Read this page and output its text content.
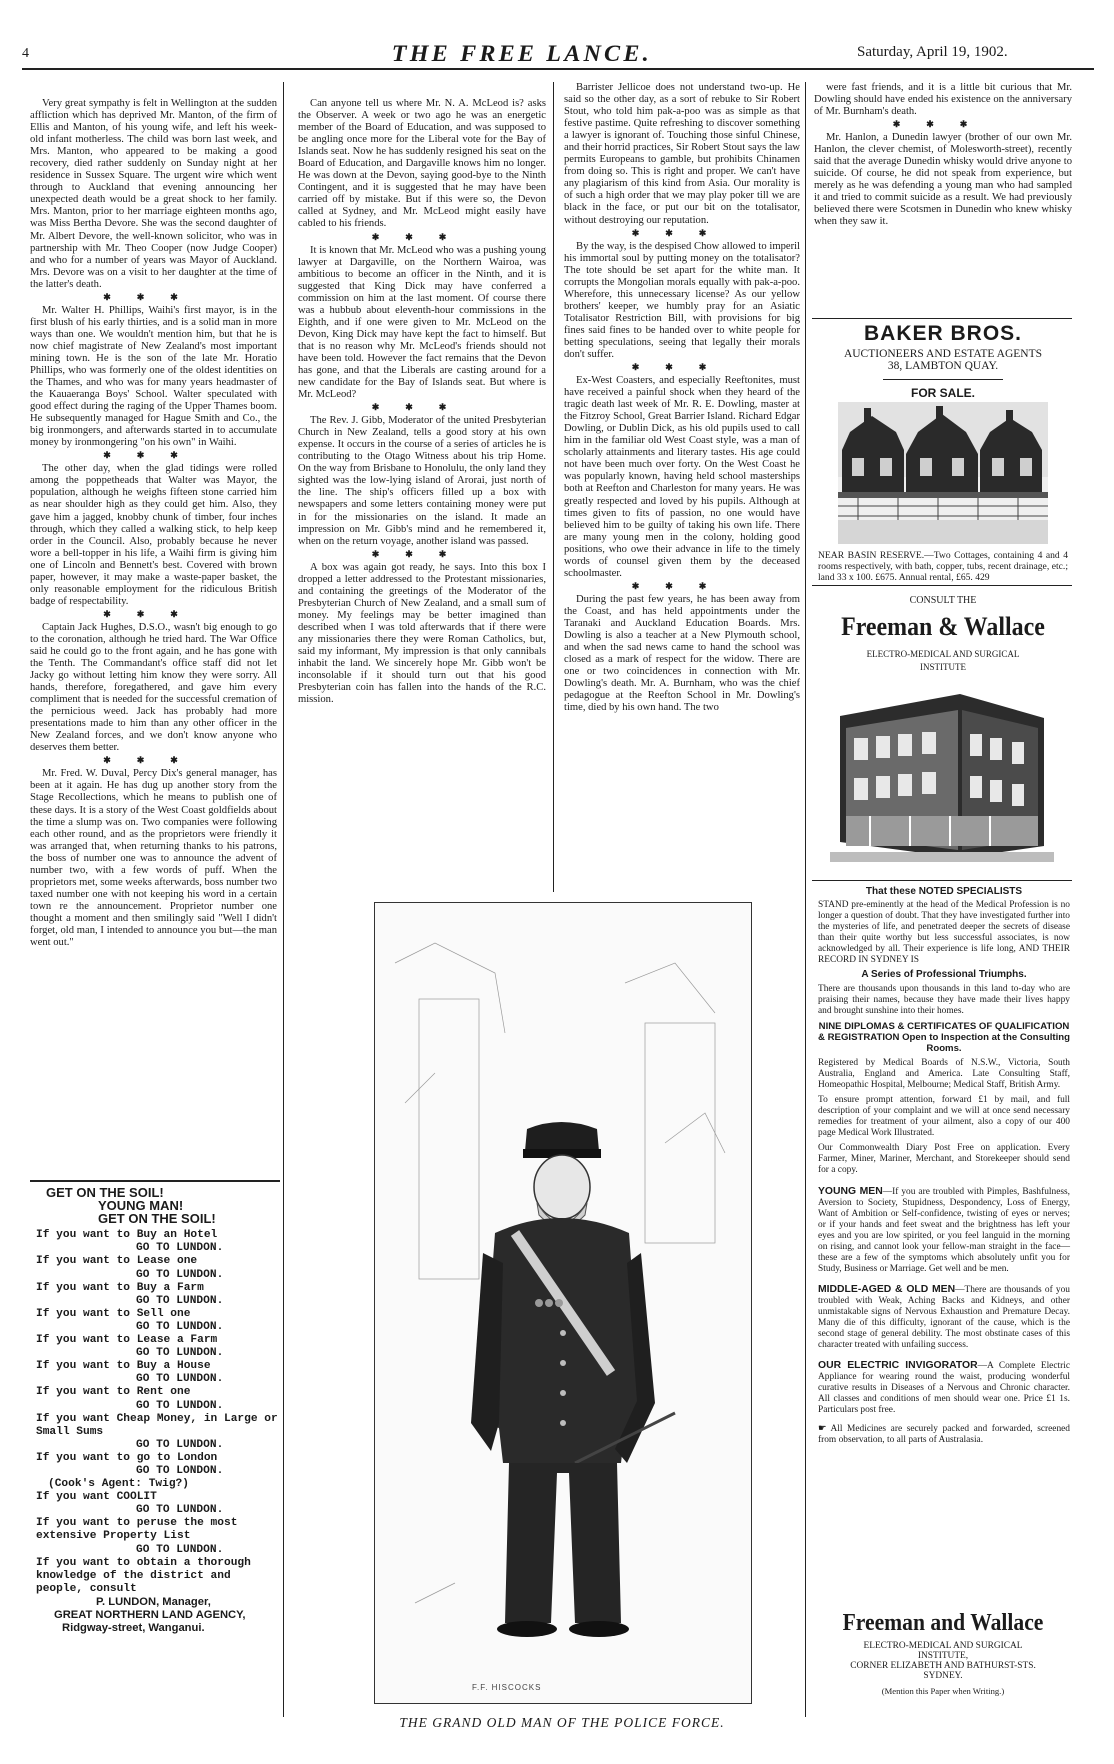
4	THE FREE LANCE.	Saturday, April 19, 1902.

Very great sympathy is felt in Wellington at the sudden affliction which has deprived Mr. Manton, of the firm of Ellis and Manton, of his young wife, and left his week-old infant motherless. The child was born last week, and Mrs. Manton, who appeared to be making a good recovery, died rather suddenly on Sunday night at her residence in Sussex Square. The urgent wire which went through to Auckland that evening announcing her unexpected death would be a great shock to her family. Mrs. Manton, prior to her marriage eighteen months ago, was Miss Bertha Devore. She was the second daughter of Mr. Albert Devore, the well-known solicitor, who was in partnership with Mr. Theo Cooper (now Judge Cooper) and who for a number of years was Mayor of Auckland. Mrs. Devore was on a visit to her daughter at the time of the latter's death.

✱✱✱

Mr. Walter H. Phillips, Waihi's first mayor, is in the first blush of his early thirties, and is a solid man in more ways than one. We wouldn't mention him, but that he is now chief magistrate of New Zealand's most important mining town. He is the son of the late Mr. Horatio Phillips, who was formerly one of the oldest identities on the Thames, and who was for many years headmaster of the Kauaeranga Boys' School. Walter speculated with good effect during the raging of the Upper Thames boom. He subsequently managed for Hague Smith and Co., the big ironmongers, and afterwards started in to accumulate money by ironmongering "on his own" in Waihi.

✱✱✱

The other day, when the glad tidings were rolled among the poppetheads that Walter was Mayor, the population, although he weighs fifteen stone carried him as near shoulder high as they could get him. Also, they gave him a jagged, knobby chunk of timber, four inches through, which they called a walking stick, to help keep order in the Council. Also, probably because he never wore a bell-topper in his life, a Waihi firm is giving him one of Lincoln and Bennett's best. Covered with brown paper, however, it may make a waste-paper basket, the only reasonable employment for the ridiculous British badge of respectability.

✱✱✱

Captain Jack Hughes, D.S.O., wasn't big enough to go to the coronation, although he tried hard. The War Office said he could go to the front again, and he has gone with the Tenth. The Commandant's office staff did not let Jacky go without letting him know they were sorry. All hands, therefore, foregathered, and gave him every compliment that is needed for the successful cremation of the pernicious weed. Jack has probably had more presentations made to him than any other officer in the New Zealand forces, and we don't know anyone who deserves them better.

✱✱✱

Mr. Fred. W. Duval, Percy Dix's general manager, has been at it again. He has dug up another story from the Stage Recollections, which he means to publish one of these days. It is a story of the West Coast goldfields about the time a slump was on. Two companies were following each other round, and as the proprietors were friendly it was arranged that, when returning thanks to his patrons, the boss of number one was to announce the advent of number two, with a few words of puff. When the proprietors met, some weeks afterwards, boss number two taxed number one with not keeping his word in a certain town re the announcement. Proprietor number one thought a moment and then smilingly said "Well I didn't forget, old man, I intended to announce you but—the man went out."

GET ON THE SOIL!
YOUNG MAN!
GET ON THE SOIL!
If you want to Buy an Hotel
GO TO LUNDON.
If you want to Lease one
GO TO LUNDON.
If you want to Buy a Farm
GO TO LUNDON.
If you want to Sell one
GO TO LUNDON.
If you want to Lease a Farm
GO TO LUNDON.
If you want to Buy a House
GO TO LUNDON.
If you want to Rent one
GO TO LUNDON.
If you want Cheap Money, in Large or Small Sums
GO TO LUNDON.
If you want to go to London
GO TO LONDON.
(Cook's Agent: Twig?)
If you want COOLIT
GO TO LUNDON.
If you want to peruse the most extensive Property List
GO TO LUNDON.
If you want to obtain a thorough knowledge of the district and people, consult
P. LUNDON, Manager,
GREAT NORTHERN LAND AGENCY,
Ridgway-street, Wanganui.

Can anyone tell us where Mr. N. A. McLeod is? asks the Observer. A week or two ago he was an energetic member of the Board of Education, and was supposed to be angling once more for the Liberal vote for the Bay of Islands seat. Now he has suddenly resigned his seat on the Board of Education, and Dargaville knows him no longer. He was down at the Devon, saying good-bye to the Ninth Contingent, and it is suggested that he may have been carried off by mistake. But if this were so, the Devon called at Sydney, and Mr. McLeod might easily have cabled to his friends.

✱✱✱

It is known that Mr. McLeod who was a pushing young lawyer at Dargaville, on the Northern Wairoa, was ambitious to become an officer in the Ninth, and it is suggested that King Dick may have conferred a commission on him at the last moment. Of course there was a hubbub about eleventh-hour commissions in the Eighth, and if one were given to Mr. McLeod on the Devon, King Dick may have kept the fact to himself. But that is no reason why Mr. McLeod's friends should not have been told. However the fact remains that the Devon has gone, and that the Liberals are casting around for a new candidate for the Bay of Islands seat. But where is Mr. McLeod?

✱✱✱

The Rev. J. Gibb, Moderator of the united Presbyterian Church in New Zealand, tells a good story at his own expense. It occurs in the course of a series of articles he is contributing to the Otago Witness about his trip Home. On the way from Brisbane to Honolulu, the only land they sighted was the low-lying island of Arorai, just north of the line. The ship's officers filled up a box with newspapers and some letters containing money were put in for the missionaries on the island. It made an impression on Mr. Gibb's mind and he remembered it, when on the return voyage, another island was passed.

✱✱✱

A box was again got ready, he says. Into this box I dropped a letter addressed to the Protestant missionaries, and containing the greetings of the Moderator of the Presbyterian Church of New Zealand, and a small sum of money. My feelings may be better imagined than described when I was told afterwards that if there were any missionaries there they were Roman Catholics, but, said my informant, My impression is that only cannibals inhabit the land. We sincerely hope Mr. Gibb won't be inconsolable if it should turn out that his good Presbyterian coin has fallen into the hands of the R.C. mission.

Barrister Jellicoe does not understand two-up. He said so the other day, as a sort of rebuke to Sir Robert Stout, who told him pak-a-poo was as simple as that festive pastime. Quite refreshing to discover something a lawyer is ignorant of. Touching those sinful Chinese, and their horrid practices, Sir Robert Stout says the law permits Europeans to gamble, but prohibits Chinamen from doing so. This is right and proper. We can't have any plagiarism of this kind from Asia. Our morality is of such a high order that we may play poker till we are black in the face, or put our bit on the totalisator, without destroying our reputation.

✱✱✱

By the way, is the despised Chow allowed to imperil his immortal soul by putting money on the totalisator? The tote should be set apart for the white man. It corrupts the Mongolian morals equally with pak-a-poo. Wherefore, this unnecessary license? As our yellow brothers' keeper, we humbly pray for an Asiatic Totalisator Restriction Bill, with provisions for big fines said fines to be handed over to white people for betting speculations, seeing that legally their morals don't suffer.

✱✱✱

Ex-West Coasters, and especially Reeftonites, must have received a painful shock when they heard of the tragic death last week of Mr. R. E. Dowling, master at the Fitzroy School, Great Barrier Island. Richard Edgar Dowling, or Dublin Dick, as his old pupils used to call him in the familiar old West Coast style, was a man of scholarly attainments and literary tastes. His age could not have been much over forty. On the West Coast he was popularly known, having held school masterships both at Reefton and Charleston for many years. He was greatly respected and loved by his pupils. Although at times given to fits of passion, no one would have believed him to be guilty of taking his own life. There are many young men in the colony, holding good positions, who owe their advance in life to the timely words of counsel given them by the deceased schoolmaster.

✱✱✱

During the past few years, he has been away from the Coast, and has held appointments under the Taranaki and Auckland Education Boards. Mrs. Dowling is also a teacher at a New Plymouth school, and when the sad news came to hand the school was closed as a mark of respect for the widow. There are one or two coincidences in connection with Mr. Dowling's death. Mr. A. Burnham, who was the chief pedagogue at the Reefton School in Mr. Dowling's time, died by his own hand. The two

were fast friends, and it is a little bit curious that Mr. Dowling should have ended his existence on the anniversary of Mr. Burnham's death.

✱✱✱

Mr. Hanlon, a Dunedin lawyer (brother of our own Mr. Hanlon, the clever chemist, of Molesworth-street), recently said that the average Dunedin whisky would drive anyone to suicide. Of course, he did not speak from experience, but merely as he was defending a young man who had sampled it and tried to commit suicide as a result. We had previously believed there were Scotsmen in Dunedin who knew whisky when they saw it.

BAKER BROS.
AUCTIONEERS AND ESTATE AGENTS
38, LAMBTON QUAY.
FOR SALE.
NEAR BASIN RESERVE.—Two Cottages, containing 4 and 4 rooms respectively, with bath, copper, tubs, recent drainage, etc.; land 33 x 100. £675. Annual rental, £65. 429
CONSULT THE
Freeman & Wallace
ELECTRO-MEDICAL AND SURGICAL INSTITUTE
That these NOTED SPECIALISTS
STAND pre-eminently at the head of the Medical Profession is no longer a question of doubt. That they have investigated further into the mysteries of life, and penetrated deeper the secrets of disease than their quite worthy but less successful associates, is now acknowledged by all. Their experience is life long, AND THEIR RECORD IN SYDNEY IS
A Series of Professional Triumphs.
There are thousands upon thousands in this land to-day who are praising their names, because they have made their lives happy and brought sunshine into their homes.
NINE DIPLOMAS & CERTIFICATES OF QUALIFICATION & REGISTRATION Open to Inspection at the Consulting Rooms.
Registered by Medical Boards of N.S.W., Victoria, South Australia, England and America. Late Consulting Staff, Homeopathic Hospital, Melbourne; Medical Staff, British Army.
To ensure prompt attention, forward £1 by mail, and full description of your complaint and we will at once send necessary remedies for treatment of your ailment, also a copy of our 400 page Medical Work Illustrated.
Our Commonwealth Diary Post Free on application. Every Farmer, Miner, Mariner, Merchant, and Storekeeper should send for a copy.
YOUNG MEN—If you are troubled with Pimples, Bashfulness, Aversion to Society, Stupidness, Despondency, Loss of Energy, Want of Ambition or Self-confidence, twisting of eyes or nerves; or if your hands and feet sweat and the brightness has left your eyes and you are low spirited, or you feel languid in the morning on rising, and cannot look your fellow-man straight in the face—these are a few of the symptoms which absolutely unfit you for Study, Business or Marriage. Get well and be men.
MIDDLE-AGED & OLD MEN—There are thousands of you troubled with Weak, Aching Backs and Kidneys, and other unmistakable signs of Nervous Exhaustion and Premature Decay. Many die of this difficulty, ignorant of the cause, which is the second stage of general debility. The most obstinate cases of this character treated with unfailing success.
OUR ELECTRIC INVIGORATOR—A Complete Electric Appliance for wearing round the waist, producing wonderful curative results in Diseases of a Nervous and Chronic character. All classes and conditions of men should wear one. Price £1 1s. Particulars post free.
☛ All Medicines are securely packed and forwarded, screened from observation, to all parts of Australasia.
Freeman and Wallace
ELECTRO-MEDICAL AND SURGICAL
INSTITUTE,
CORNER ELIZABETH AND BATHURST-STS.
SYDNEY.
(Mention this Paper when Writing.)
F.F. HISCOCKS
THE GRAND OLD MAN OF THE POLICE FORCE.
